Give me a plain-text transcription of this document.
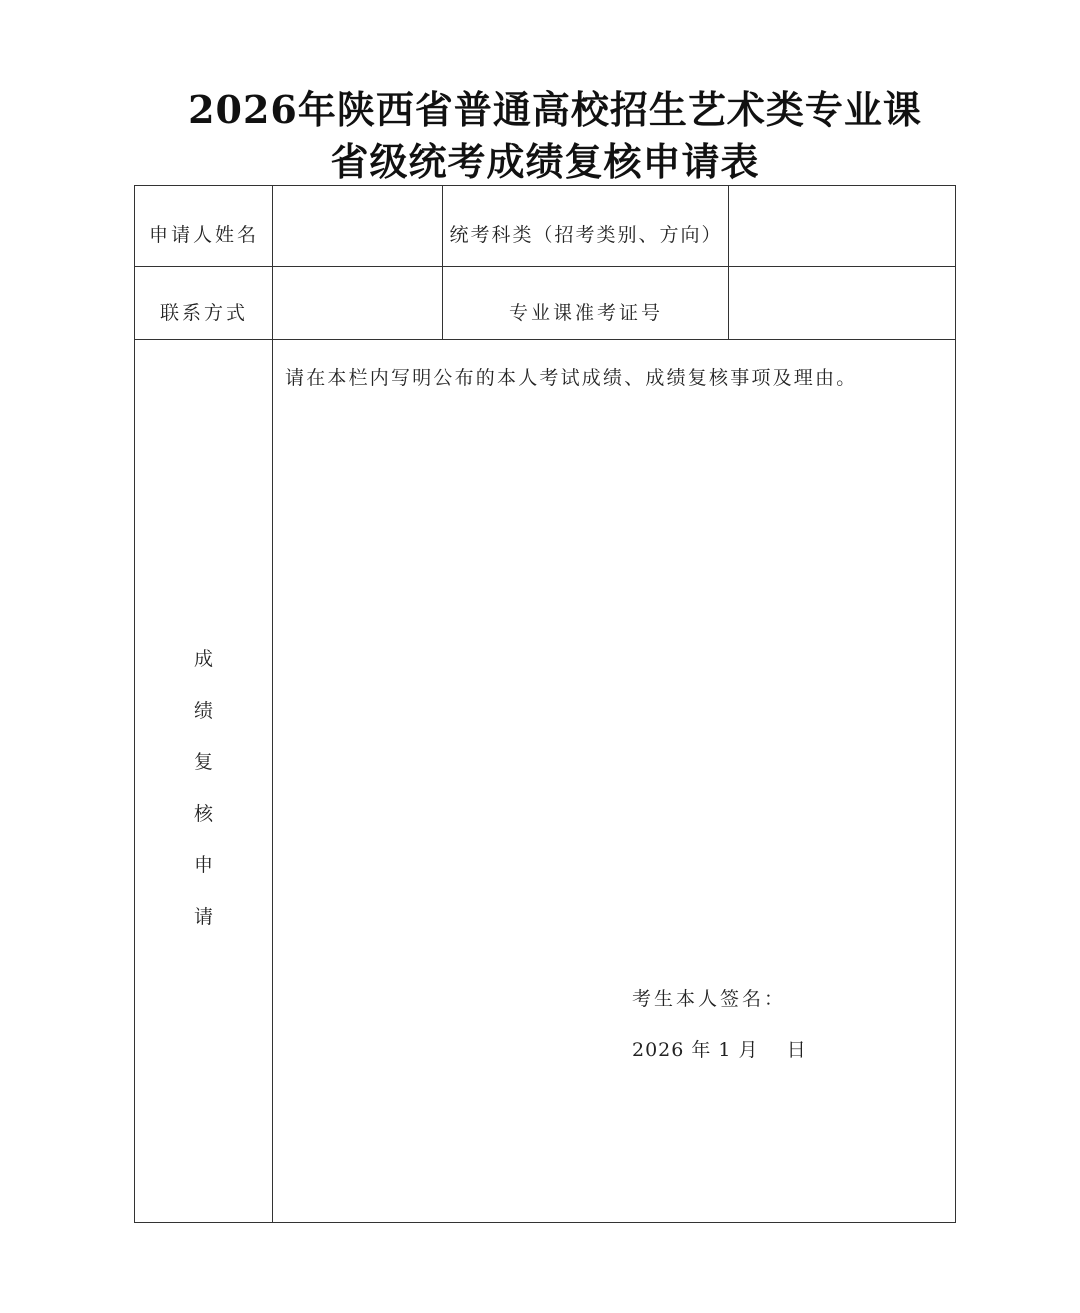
2026年陕西省普通高校招生艺术类专业课
省级统考成绩复核申请表
申请人姓名	统考科类（招考类别、方向）
联系方式	专业课准考证号
成
绩
复
核
申
请
请在本栏内写明公布的本人考试成绩、成绩复核事项及理由。
考生本人签名：
2026 年 1 月    日
